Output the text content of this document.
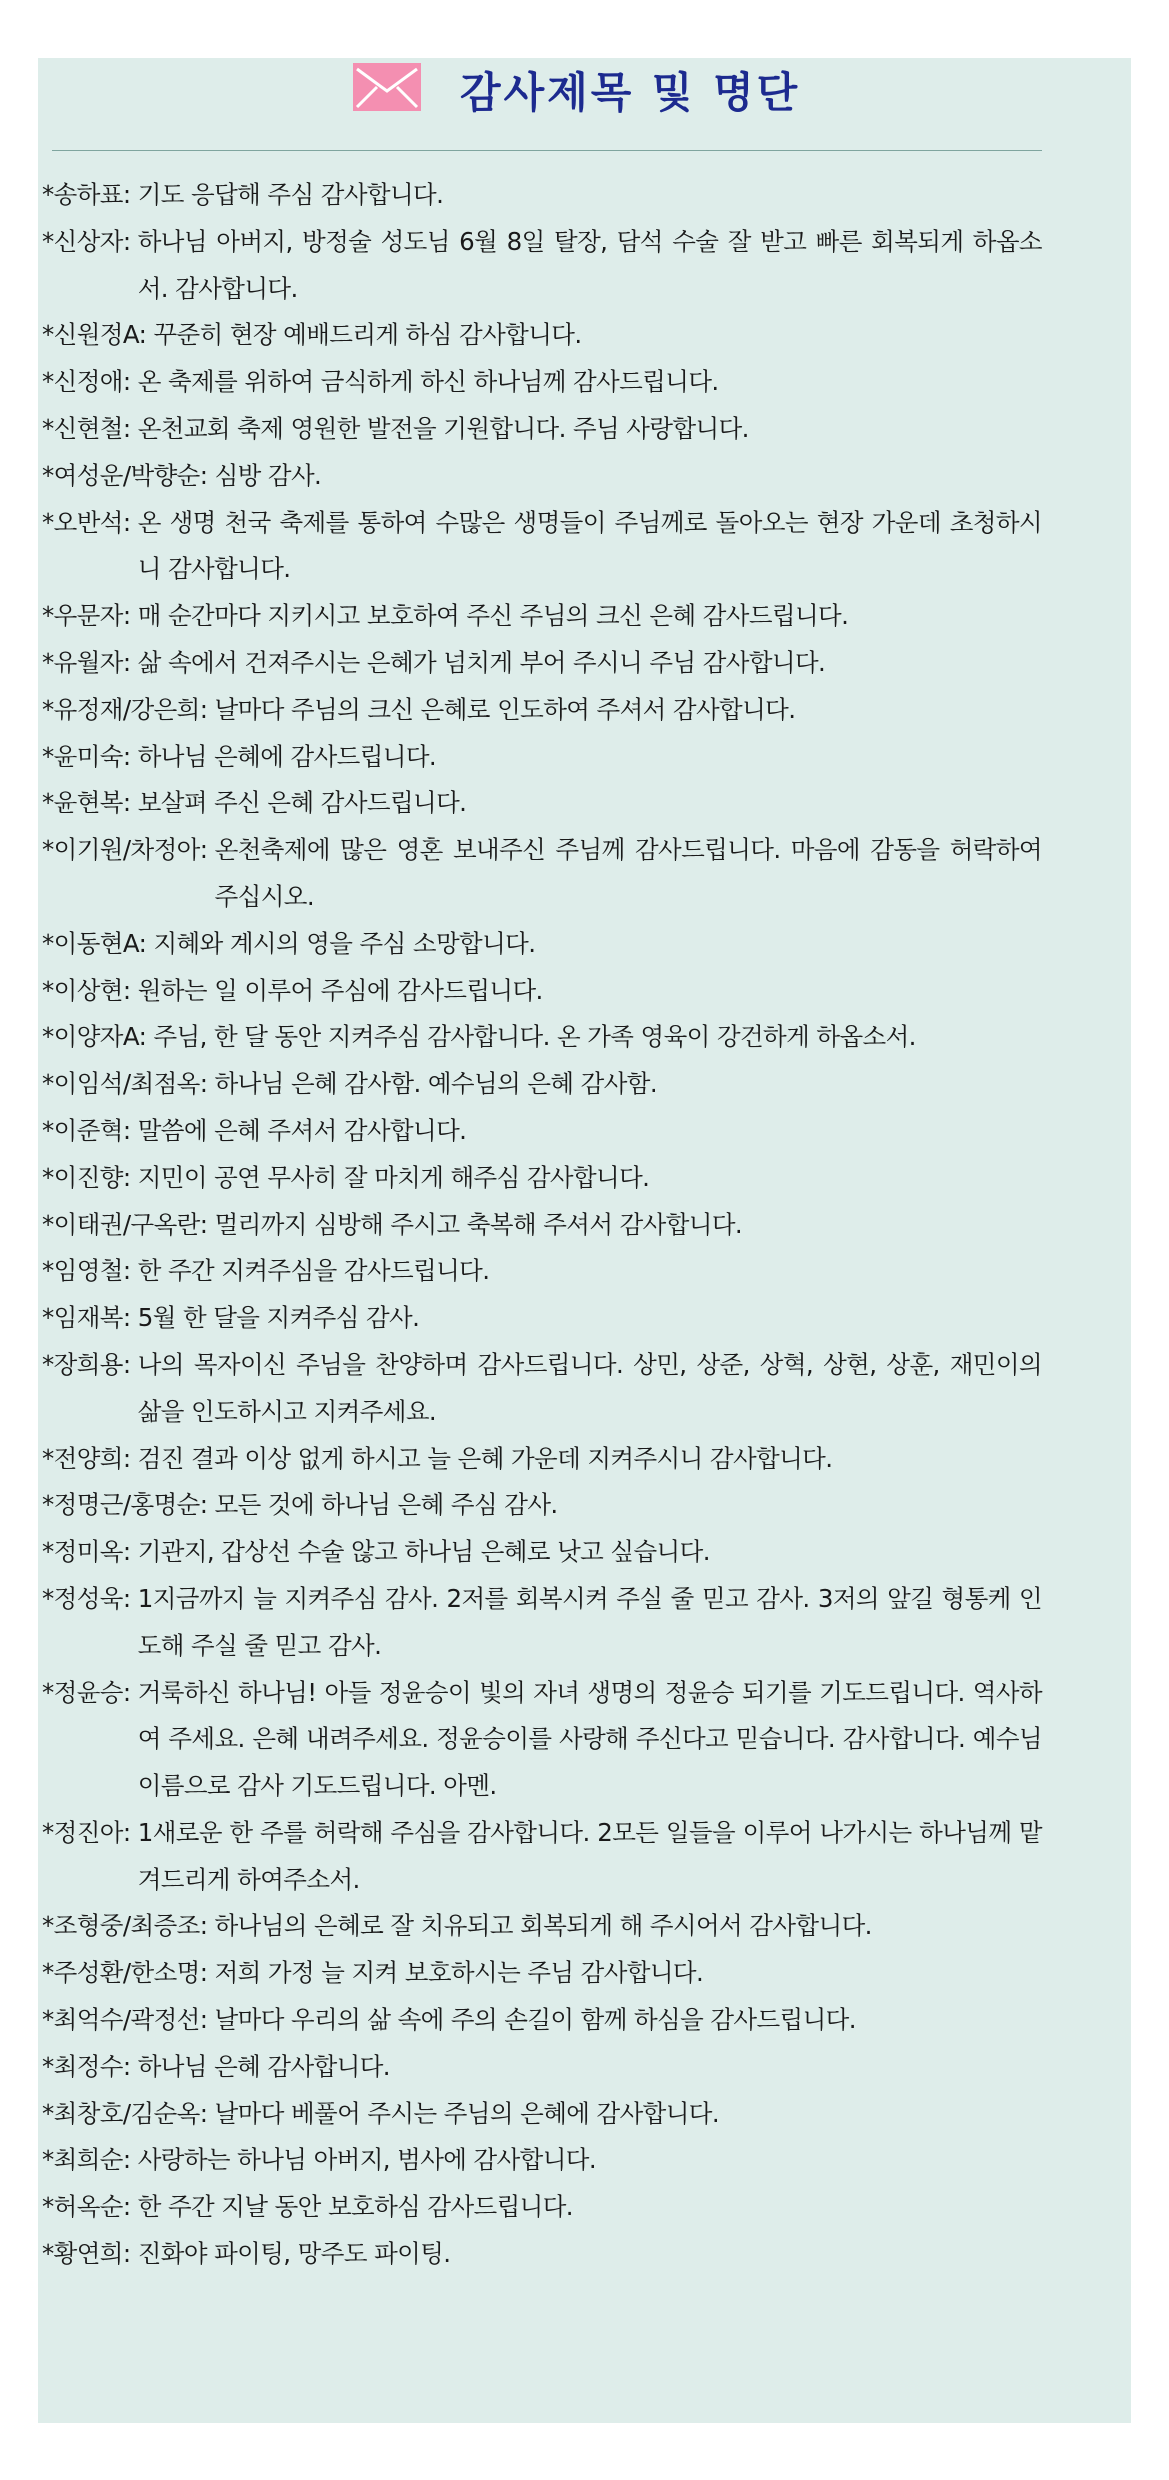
감사제목 및 명단
*송하표:
기도 응답해 주심 감사합니다.
*신상자:
하나님 아버지, 방정술 성도님 6월 8일 탈장, 담석 수술 잘 받고 빠른 회복되게 하옵소서. 감사합니다.
*신원정A:
꾸준히 현장 예배드리게 하심 감사합니다.
*신정애:
온 축제를 위하여 금식하게 하신 하나님께 감사드립니다.
*신현철:
온천교회 축제 영원한 발전을 기원합니다. 주님 사랑합니다.
*여성운/박향순:
심방 감사.
*오반석:
온 생명 천국 축제를 통하여 수많은 생명들이 주님께로 돌아오는 현장 가운데 초청하시니 감사합니다.
*우문자:
매 순간마다 지키시고 보호하여 주신 주님의 크신 은혜 감사드립니다.
*유월자:
삶 속에서 건져주시는 은혜가 넘치게 부어 주시니 주님 감사합니다.
*유정재/강은희:
날마다 주님의 크신 은혜로 인도하여 주셔서 감사합니다.
*윤미숙:
하나님 은혜에 감사드립니다.
*윤현복:
보살펴 주신 은혜 감사드립니다.
*이기원/차정아:
온천축제에 많은 영혼 보내주신 주님께 감사드립니다. 마음에 감동을 허락하여 주십시오.
*이동현A:
지혜와 계시의 영을 주심 소망합니다.
*이상현:
원하는 일 이루어 주심에 감사드립니다.
*이양자A:
주님, 한 달 동안 지켜주심 감사합니다. 온 가족 영육이 강건하게 하옵소서.
*이임석/최점옥:
하나님 은혜 감사함. 예수님의 은혜 감사함.
*이준혁:
말씀에 은혜 주셔서 감사합니다.
*이진향:
지민이 공연 무사히 잘 마치게 해주심 감사합니다.
*이태권/구옥란:
멀리까지 심방해 주시고 축복해 주셔서 감사합니다.
*임영철:
한 주간 지켜주심을 감사드립니다.
*임재복:
5월 한 달을 지켜주심 감사.
*장희용:
나의 목자이신 주님을 찬양하며 감사드립니다. 상민, 상준, 상혁, 상현, 상훈, 재민이의 삶을 인도하시고 지켜주세요.
*전양희:
검진 결과 이상 없게 하시고 늘 은혜 가운데 지켜주시니 감사합니다.
*정명근/홍명순:
모든 것에 하나님 은혜 주심 감사.
*정미옥:
기관지, 갑상선 수술 않고 하나님 은혜로 낫고 싶습니다.
*정성욱:
1지금까지 늘 지켜주심 감사. 2저를 회복시켜 주실 줄 믿고 감사. 3저의 앞길 형통케 인도해 주실 줄 믿고 감사.
*정윤승:
거룩하신 하나님! 아들 정윤승이 빛의 자녀 생명의 정윤승 되기를 기도드립니다. 역사하여 주세요. 은혜 내려주세요. 정윤승이를 사랑해 주신다고 믿습니다. 감사합니다. 예수님 이름으로 감사 기도드립니다. 아멘.
*정진아:
1새로운 한 주를 허락해 주심을 감사합니다. 2모든 일들을 이루어 나가시는 하나님께 맡겨드리게 하여주소서.
*조형중/최증조:
하나님의 은혜로 잘 치유되고 회복되게 해 주시어서 감사합니다.
*주성환/한소명:
저희 가정 늘 지켜 보호하시는 주님 감사합니다.
*최억수/곽정선:
날마다 우리의 삶 속에 주의 손길이 함께 하심을 감사드립니다.
*최정수:
하나님 은혜 감사합니다.
*최창호/김순옥:
날마다 베풀어 주시는 주님의 은혜에 감사합니다.
*최희순:
사랑하는 하나님 아버지, 범사에 감사합니다.
*허옥순:
한 주간 지날 동안 보호하심 감사드립니다.
*황연희:
진화야 파이팅, 망주도 파이팅.
